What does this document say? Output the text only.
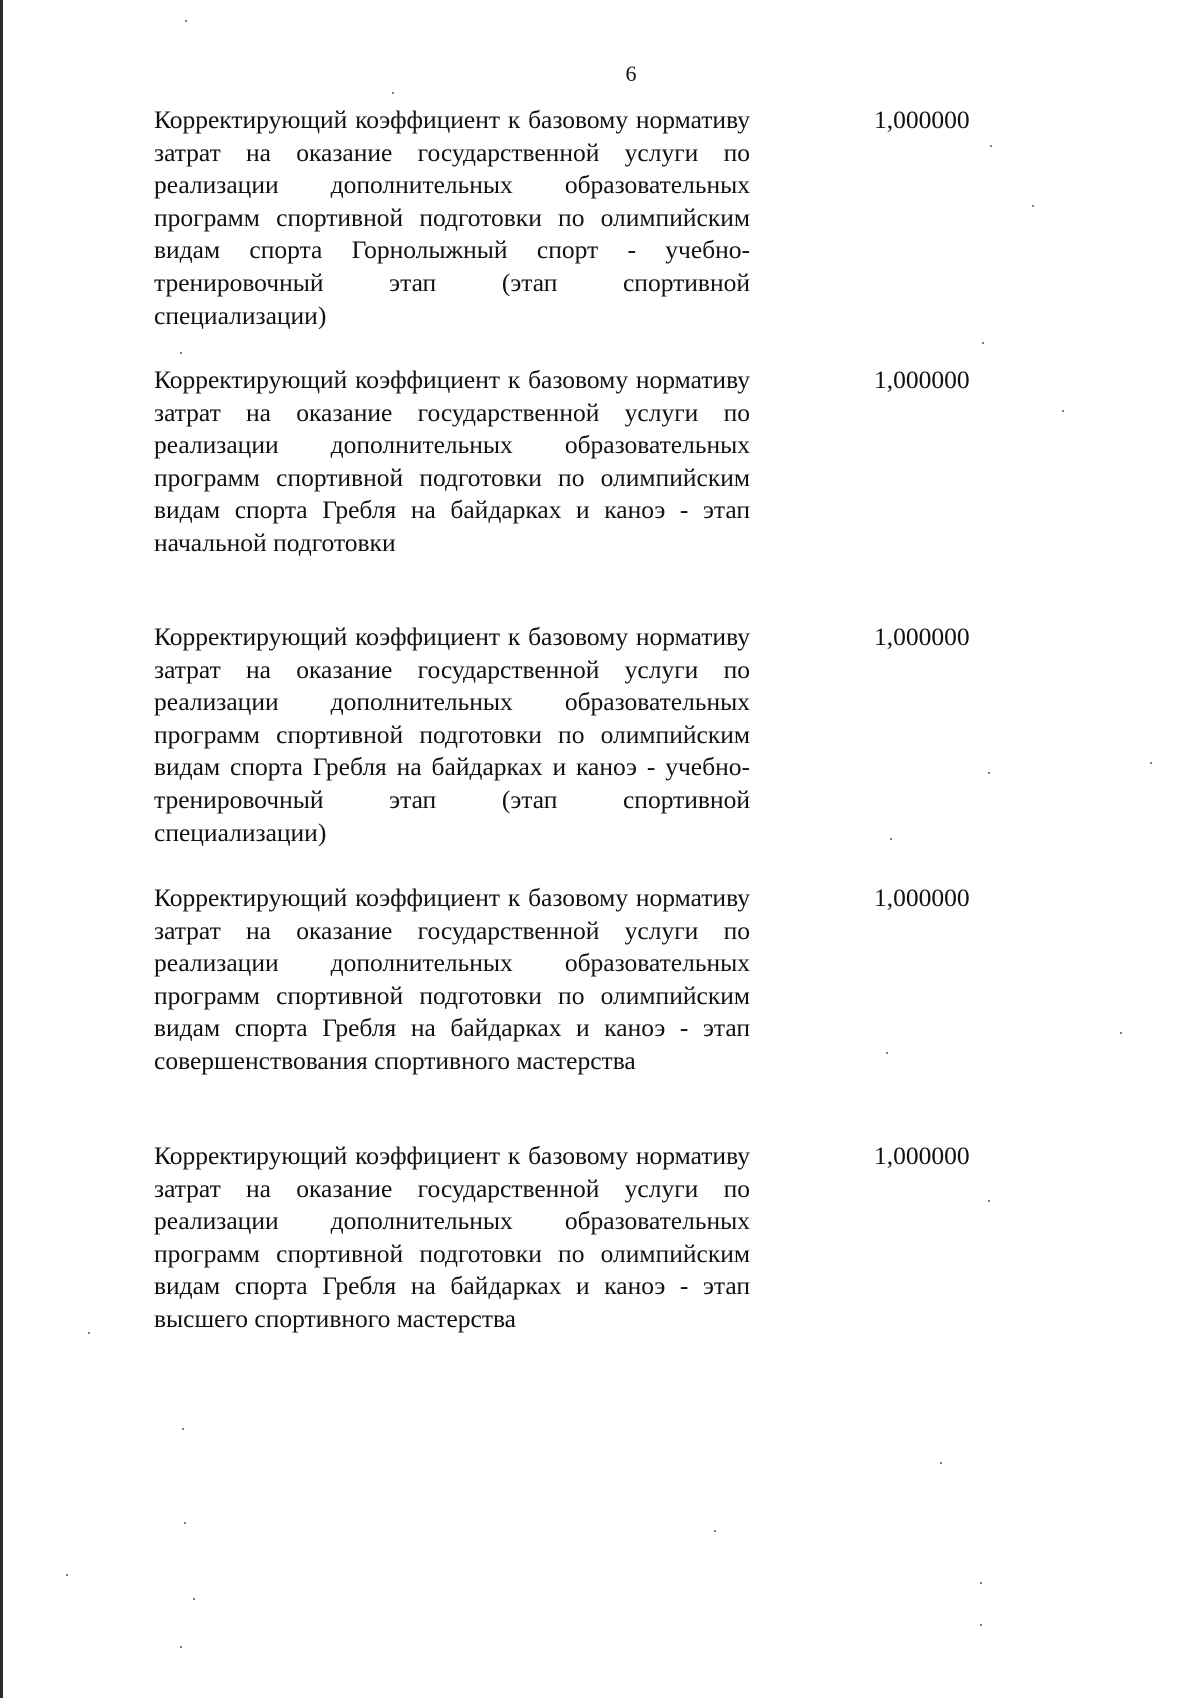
6
Корректирующий коэффициент к базовому нормативу затрат на оказание государственной услуги по реализации дополнительных образовательных программ спортивной подготовки по олимпийским видам спорта Горнолыжный спорт - учебно-тренировочный этап (этап спортивной специализации)
1,000000
Корректирующий коэффициент к базовому нормативу затрат на оказание государственной услуги по реализации дополнительных образовательных программ спортивной подготовки по олимпийским видам спорта Гребля на байдарках и каноэ - этап начальной подготовки
1,000000
Корректирующий коэффициент к базовому нормативу затрат на оказание государственной услуги по реализации дополнительных образовательных программ спортивной подготовки по олимпийским видам спорта Гребля на байдарках и каноэ - учебно-тренировочный этап (этап спортивной специализации)
1,000000
Корректирующий коэффициент к базовому нормативу затрат на оказание государственной услуги по реализации дополнительных образовательных программ спортивной подготовки по олимпийским видам спорта Гребля на байдарках и каноэ - этап совершенствования спортивного мастерства
1,000000
Корректирующий коэффициент к базовому нормативу затрат на оказание государственной услуги по реализации дополнительных образовательных программ спортивной подготовки по олимпийским видам спорта Гребля на байдарках и каноэ - этап высшего спортивного мастерства
1,000000
